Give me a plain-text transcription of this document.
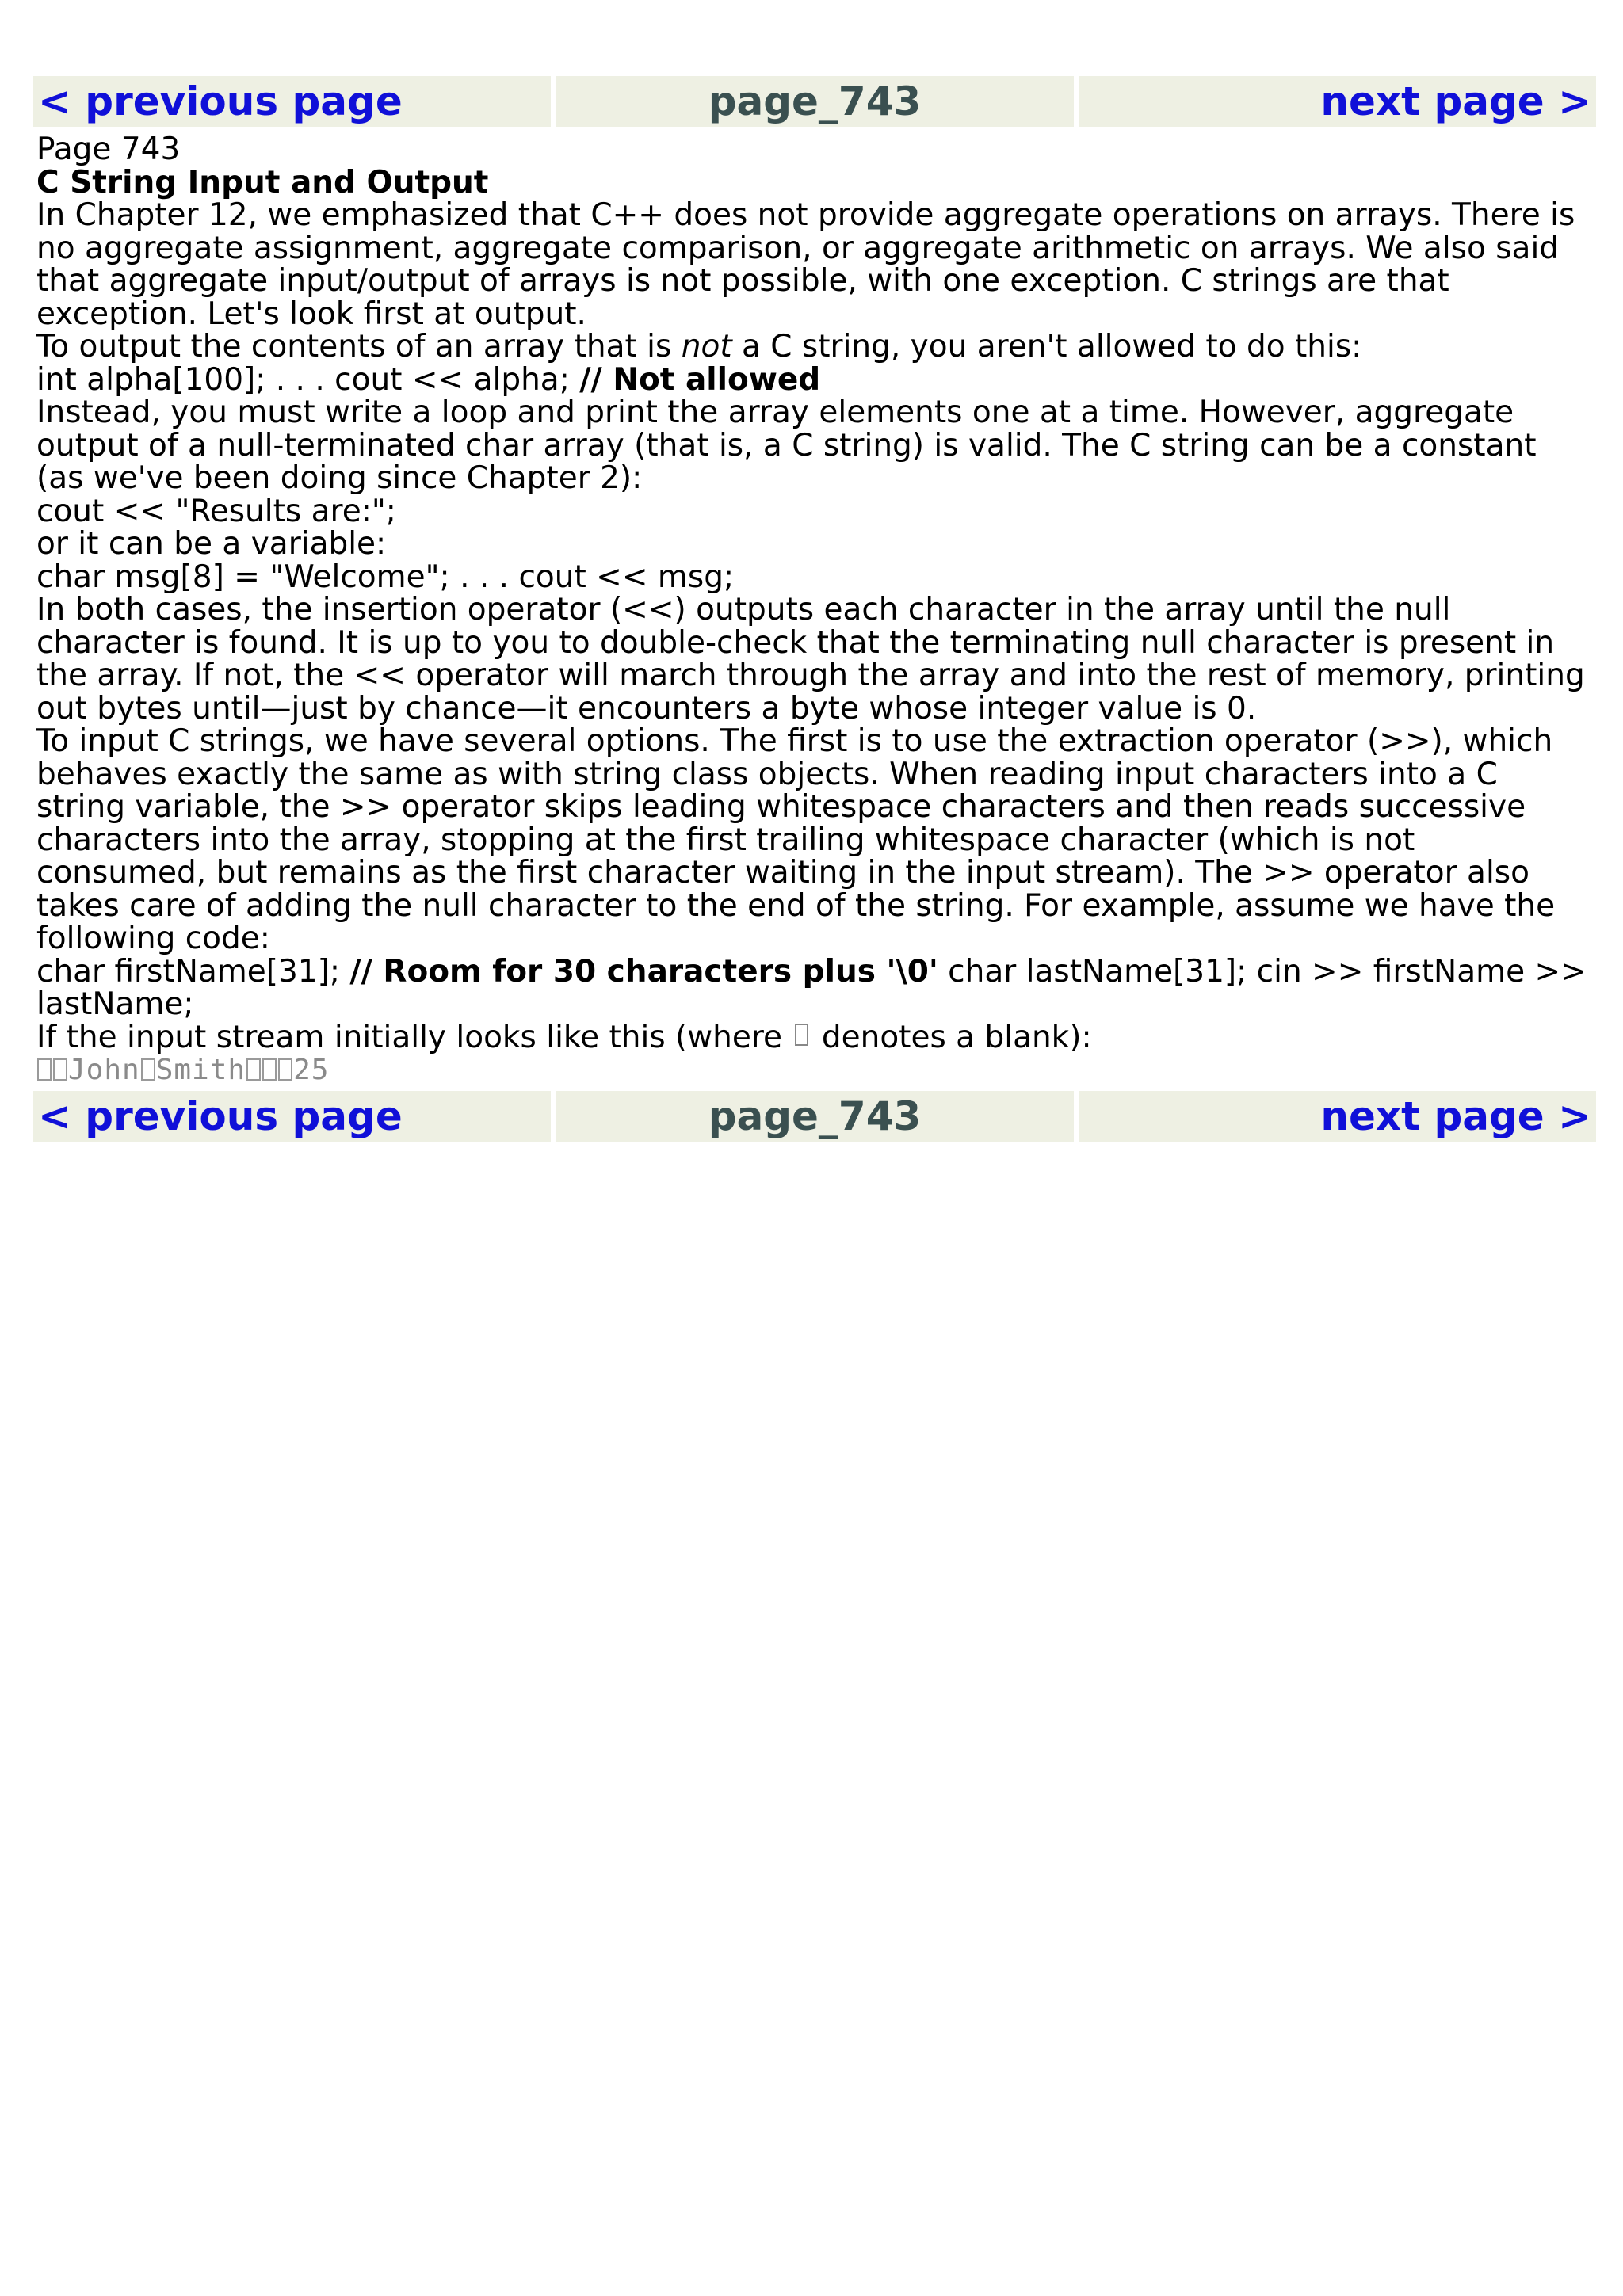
< previous page	page_743	next page >

Page 743

C String Input and Output

In Chapter 12, we emphasized that C++ does not provide aggregate operations on arrays. There is no aggregate assignment, aggregate comparison, or aggregate arithmetic on arrays. We also said that aggregate input/output of arrays is not possible, with one exception. C strings are that exception. Let's look first at output.

To output the contents of an array that is not a C string, you aren't allowed to do this:

int alpha[100]; . . . cout << alpha; // Not allowed

Instead, you must write a loop and print the array elements one at a time. However, aggregate output of a null-terminated char array (that is, a C string) is valid. The C string can be a constant (as we've been doing since Chapter 2):

cout << "Results are:";

or it can be a variable:

char msg[8] = "Welcome"; . . . cout << msg;

In both cases, the insertion operator (<<) outputs each character in the array until the null character is found. It is up to you to double-check that the terminating null character is present in the array. If not, the << operator will march through the array and into the rest of memory, printing out bytes until—just by chance—it encounters a byte whose integer value is 0.

To input C strings, we have several options. The first is to use the extraction operator (>>), which behaves exactly the same as with string class objects. When reading input characters into a C string variable, the >> operator skips leading whitespace characters and then reads successive characters into the array, stopping at the first trailing whitespace character (which is not consumed, but remains as the first character waiting in the input stream). The >> operator also takes care of adding the null character to the end of the string. For example, assume we have the following code:

char firstName[31]; // Room for 30 characters plus '\0' char lastName[31]; cin >> firstName >> lastName;

If the input stream initially looks like this (where  denotes a blank):

John Smith 25

< previous page	page_743	next page >
